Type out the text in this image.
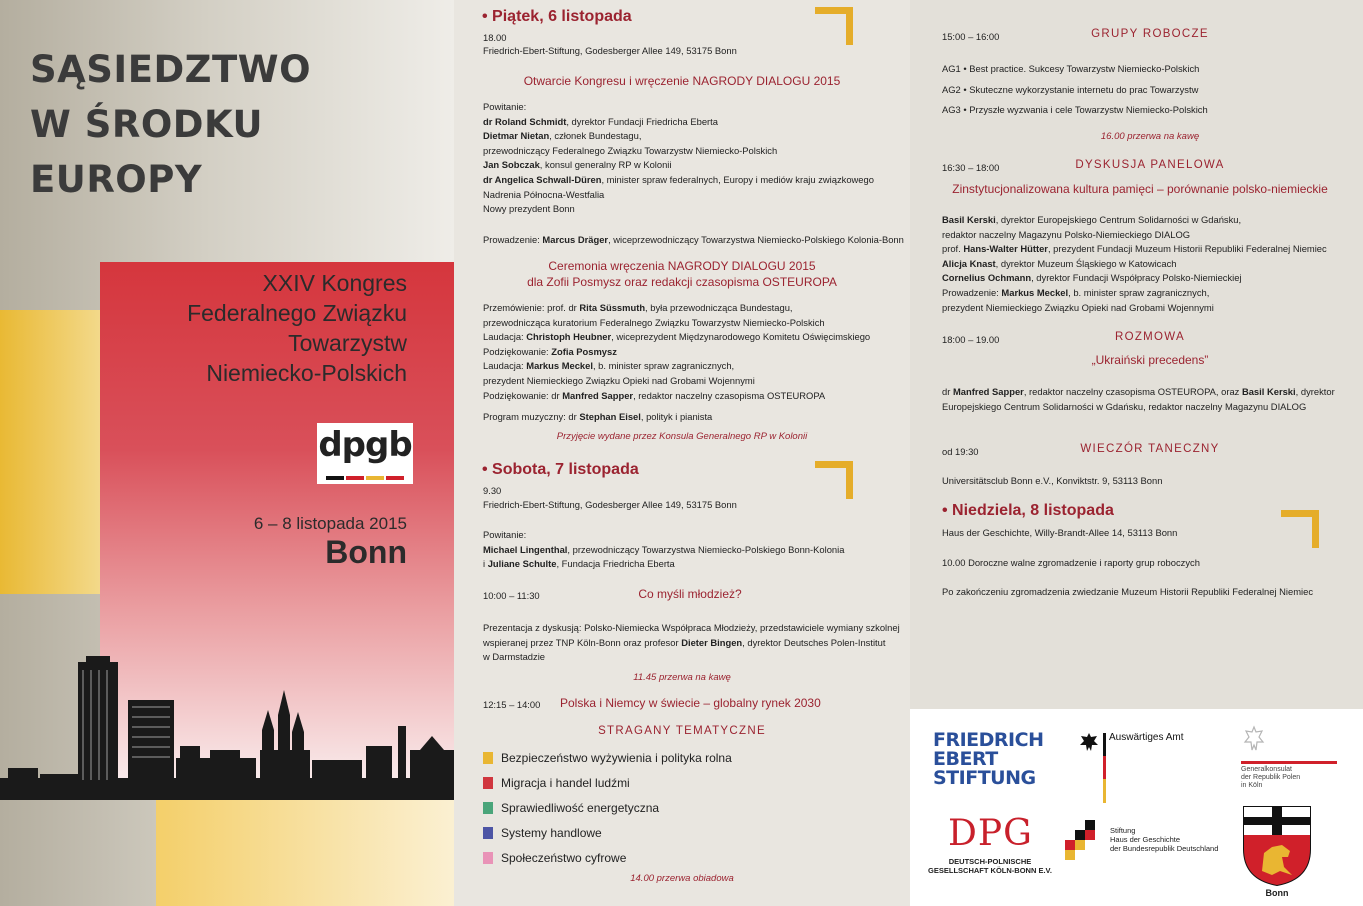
SĄSIEDZTWO
W ŚRODKU
EUROPY
XXIV Kongres
Federalnego Związku
Towarzystw
Niemiecko-Polskich
dpgb
6 – 8 listopada 2015
Bonn
• Piątek, 6 listopada
18.00
Friedrich-Ebert-Stiftung, Godesberger Allee 149, 53175 Bonn
Otwarcie Kongresu i wręczenie NAGRODY DIALOGU 2015
Powitanie:
dr Roland Schmidt, dyrektor Fundacji Friedricha Eberta
Dietmar Nietan, członek Bundestagu,
przewodniczący Federalnego Związku Towarzystw Niemiecko-Polskich
Jan Sobczak, konsul generalny RP w Kolonii
dr Angelica Schwall-Düren, minister spraw federalnych, Europy i mediów kraju związkowego
Nadrenia Północna-Westfalia
Nowy prezydent Bonn
Prowadzenie: Marcus Dräger, wiceprzewodniczący Towarzystwa Niemiecko-Polskiego Kolonia-Bonn
Ceremonia wręczenia NAGRODY DIALOGU 2015
dla Zofii Posmysz oraz redakcji czasopisma OSTEUROPA
Przemówienie: prof. dr Rita Süssmuth, była przewodnicząca Bundestagu,
przewodnicząca kuratorium Federalnego Związku Towarzystw Niemiecko-Polskich
Laudacja: Christoph Heubner, wiceprezydent Międzynarodowego Komitetu Oświęcimskiego
Podziękowanie: Zofia Posmysz
Laudacja: Markus Meckel, b. minister spraw zagranicznych,
prezydent Niemieckiego Związku Opieki nad Grobami Wojennymi
Podziękowanie: dr Manfred Sapper, redaktor naczelny czasopisma OSTEUROPA
Program muzyczny: dr Stephan Eisel, polityk i pianista
Przyjęcie wydane przez Konsula Generalnego RP w Kolonii
• Sobota, 7 listopada
9.30
Friedrich-Ebert-Stiftung, Godesberger Allee 149, 53175 Bonn
Powitanie:
Michael Lingenthal, przewodniczący Towarzystwa Niemiecko-Polskiego Bonn-Kolonia
i Juliane Schulte, Fundacja Friedricha Eberta
10:00 – 11:30	Co myśli młodzież?
Prezentacja z dyskusją: Polsko-Niemiecka Współpraca Młodzieży, przedstawiciele wymiany szkolnej
wspieranej przez TNP Köln-Bonn oraz profesor Dieter Bingen, dyrektor Deutsches Polen-Institut
w Darmstadzie
11.45 przerwa na kawę
12:15 – 14:00 Polska i Niemcy w świecie – globalny rynek 2030
STRAGANY TEMATYCZNE
Bezpieczeństwo wyżywienia i polityka rolna
Migracja i handel ludźmi
Sprawiedliwość energetyczna
Systemy handlowe
Społeczeństwo cyfrowe
14.00 przerwa obiadowa
15:00 – 16:00	GRUPY ROBOCZE
AG1 • Best practice. Sukcesy Towarzystw Niemiecko-Polskich
AG2 • Skuteczne wykorzystanie internetu do prac Towarzystw
AG3 • Przyszłe wyzwania i cele Towarzystw Niemiecko-Polskich
16.00 przerwa na kawę
16:30 – 18:00	DYSKUSJA PANELOWA
Zinstytucjonalizowana kultura pamięci – porównanie polsko-niemieckie
Basil Kerski, dyrektor Europejskiego Centrum Solidarności w Gdańsku,
redaktor naczelny Magazynu Polsko-Niemieckiego DIALOG
prof. Hans-Walter Hütter, prezydent Fundacji Muzeum Historii Republiki Federalnej Niemiec
Alicja Knast, dyrektor Muzeum Śląskiego w Katowicach
Cornelius Ochmann, dyrektor Fundacji Współpracy Polsko-Niemieckiej
Prowadzenie: Markus Meckel, b. minister spraw zagranicznych,
prezydent Niemieckiego Związku Opieki nad Grobami Wojennymi
18:00 – 19.00	ROZMOWA
„Ukraiński precedens”
dr Manfred Sapper, redaktor naczelny czasopisma OSTEUROPA, oraz Basil Kerski, dyrektor
Europejskiego Centrum Solidarności w Gdańsku, redaktor naczelny Magazynu DIALOG
od 19:30	WIECZÓR TANECZNY
Universitätsclub Bonn e.V., Konviktstr. 9, 53113 Bonn
• Niedziela, 8 listopada
Haus der Geschichte, Willy-Brandt-Allee 14, 53113 Bonn
10.00 Doroczne walne zgromadzenie i raporty grup roboczych
Po zakończeniu zgromadzenia zwiedzanie Muzeum Historii Republiki Federalnej Niemiec
FRIEDRICH
EBERT
STIFTUNG
Auswärtiges Amt
Generalkonsulat
der Republik Polen
in Köln
DPG
DEUTSCH-POLNISCHE
GESELLSCHAFT KÖLN-BONN E.V.
Stiftung
Haus der Geschichte
der Bundesrepublik Deutschland
Bonn
